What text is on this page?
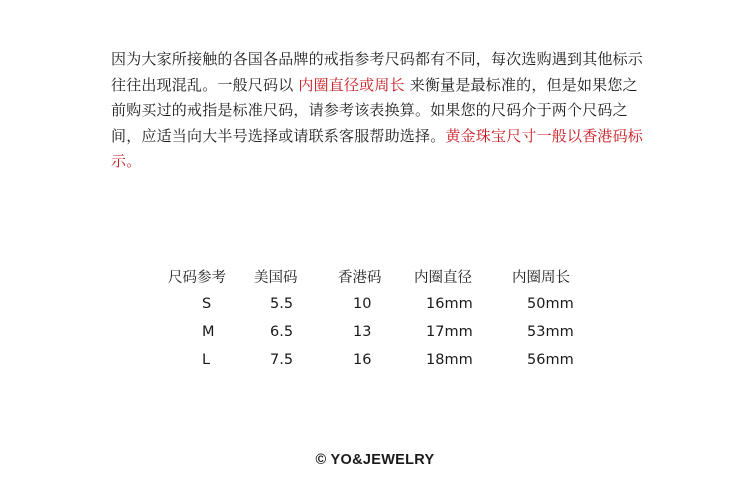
因为大家所接触的各国各品牌的戒指参考尺码都有不同，每次选购遇到其他标示往往出现混乱。一般尺码以 内圈直径或周长 来衡量是最标准的，但是如果您之前购买过的戒指是标准尺码，请参考该表换算。如果您的尺码介于两个尺码之间，应适当向大半号选择或请联系客服帮助选择。黄金珠宝尺寸一般以香港码标示。

尺码参考	美国码	香港码	内圈直径	内圈周长
S	5.5	10	16mm	50mm
M	6.5	13	17mm	53mm
L	7.5	16	18mm	56mm
© YO&JEWELRY
